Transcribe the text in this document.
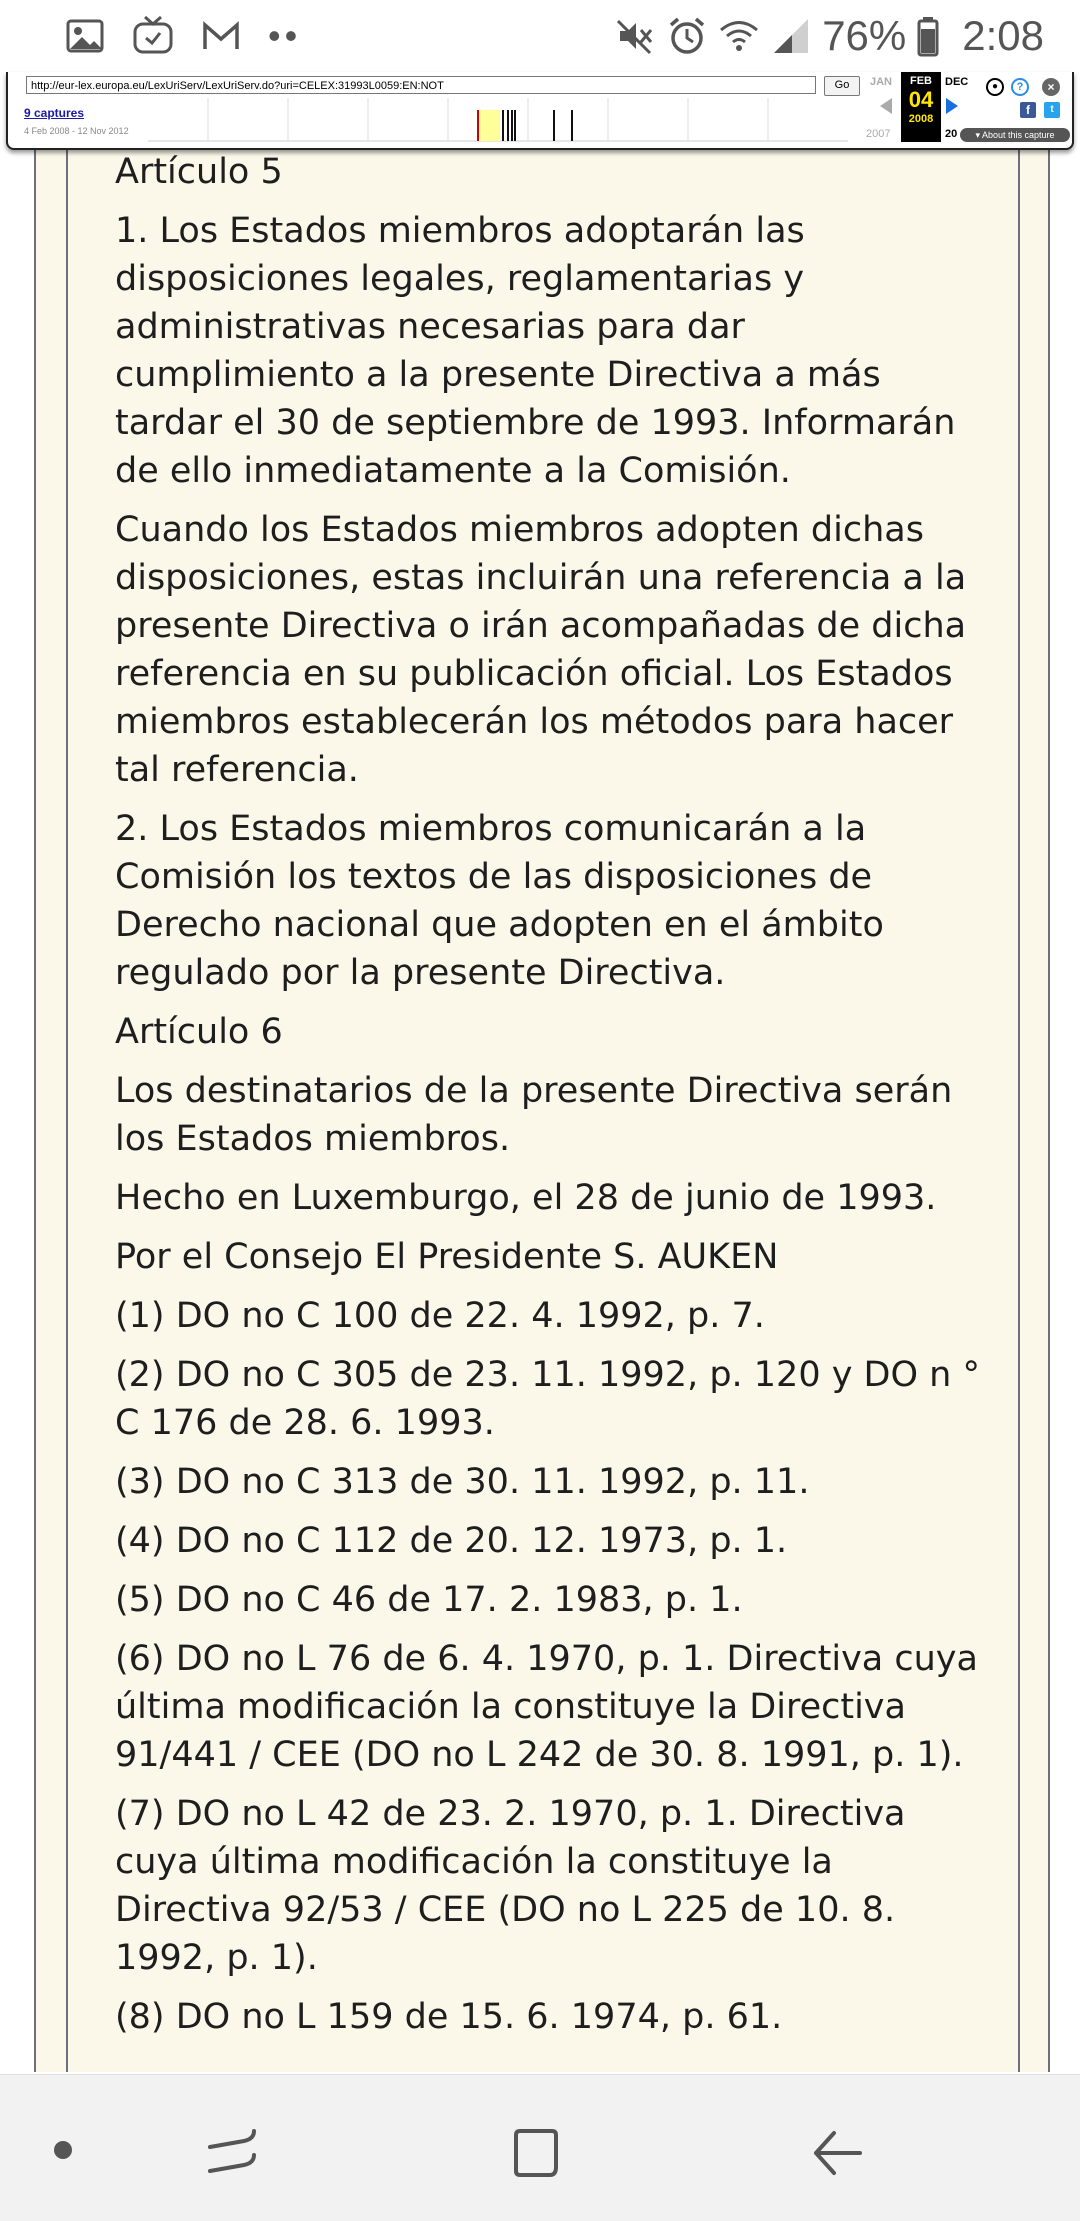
••	76% 2:08

Artículo 5

1. Los Estados miembros adoptarán las disposiciones legales, reglamentarias y administrativas necesarias para dar cumplimiento a la presente Directiva a más tardar el 30 de septiembre de 1993. Informarán de ello inmediatamente a la Comisión.

Cuando los Estados miembros adopten dichas disposiciones, estas incluirán una referencia a la presente Directiva o irán acompañadas de dicha referencia en su publicación oficial. Los Estados miembros establecerán los métodos para hacer tal referencia.

2. Los Estados miembros comunicarán a la Comisión los textos de las disposiciones de Derecho nacional que adopten en el ámbito regulado por la presente Directiva.

Artículo 6

Los destinatarios de la presente Directiva serán los Estados miembros.

Hecho en Luxemburgo, el 28 de junio de 1993.

Por el Consejo El Presidente S. AUKEN

(1) DO no C 100 de 22. 4. 1992, p. 7.

(2) DO no C 305 de 23. 11. 1992, p. 120 y DO n ° C 176 de 28. 6. 1993.

(3) DO no C 313 de 30. 11. 1992, p. 11.

(4) DO no C 112 de 20. 12. 1973, p. 1.

(5) DO no C 46 de 17. 2. 1983, p. 1.

(6) DO no L 76 de 6. 4. 1970, p. 1. Directiva cuya última modificación la constituye la Directiva 91/441 / CEE (DO no L 242 de 30. 8. 1991, p. 1).

(7) DO no L 42 de 23. 2. 1970, p. 1. Directiva cuya última modificación la constituye la Directiva 92/53 / CEE (DO no L 225 de 10. 8. 1992, p. 1).

(8) DO no L 159 de 15. 6. 1974, p. 61.

http://eur-lex.europa.eu/LexUriServ/LexUriServ.do?uri=CELEX:31993L0059:EN:NOT	Go
9 captures
4 Feb 2008 - 12 Nov 2012
JAN
2007
FEB
04
2008
DEC
20
●	?	×
f	t
▾ About this capture
